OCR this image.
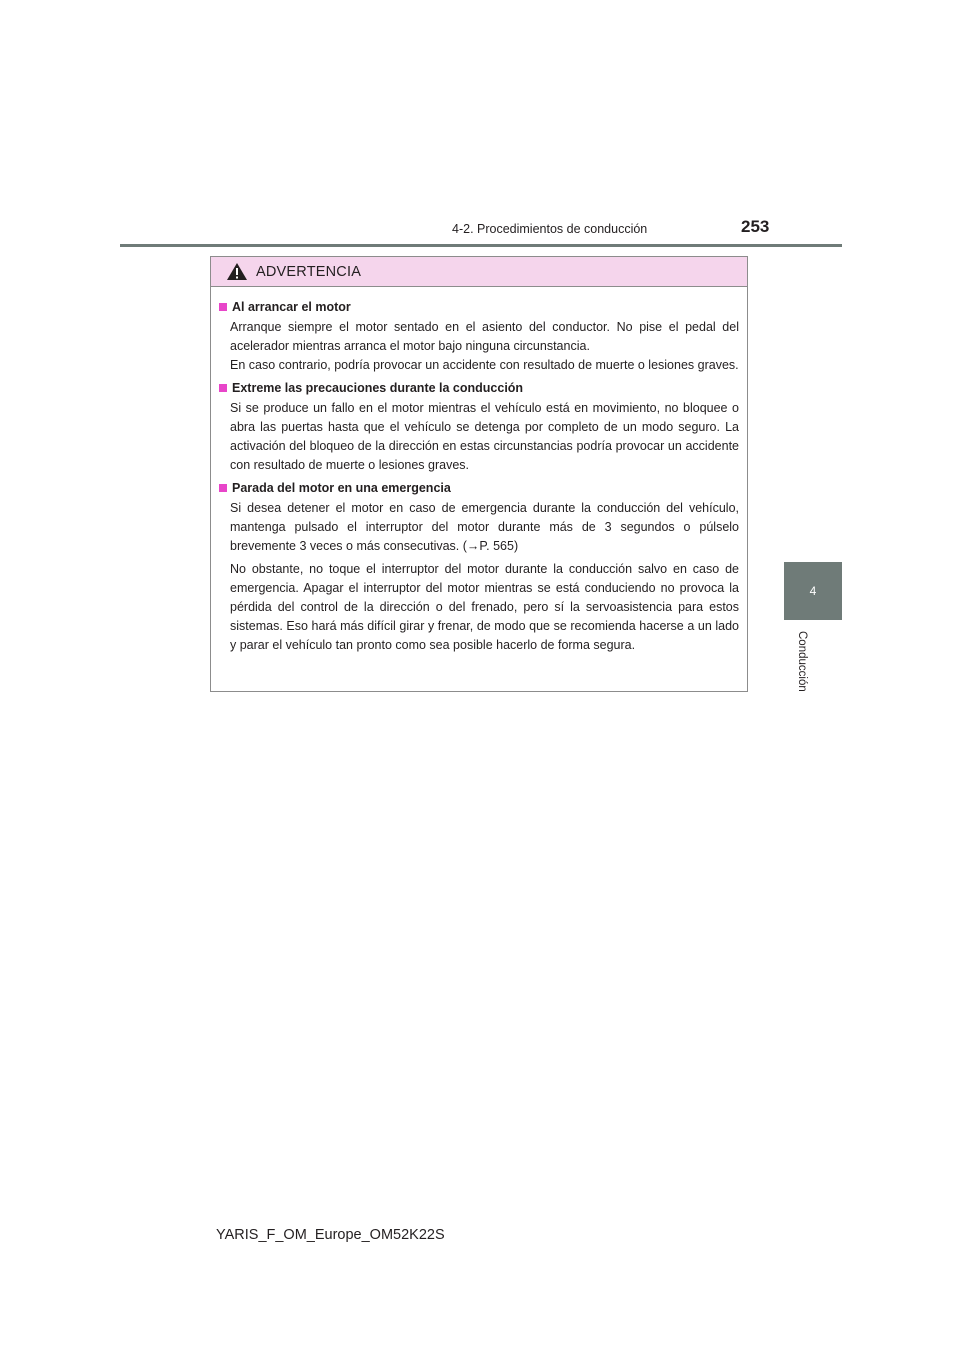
4-2. Procedimientos de conducción	253
4
Conducción
ADVERTENCIA
Al arrancar el motor
Arranque siempre el motor sentado en el asiento del conductor. No pise el pedal del acelerador mientras arranca el motor bajo ninguna circunstancia.
En caso contrario, podría provocar un accidente con resultado de muerte o lesiones graves.
Extreme las precauciones durante la conducción
Si se produce un fallo en el motor mientras el vehículo está en movimiento, no bloquee o abra las puertas hasta que el vehículo se detenga por completo de un modo seguro. La activación del bloqueo de la dirección en estas circunstancias podría provocar un accidente con resultado de muerte o lesiones graves.
Parada del motor en una emergencia
Si desea detener el motor en caso de emergencia durante la conducción del vehículo, mantenga pulsado el interruptor del motor durante más de 3 segundos o púlselo brevemente 3 veces o más consecutivas. (→P. 565)
No obstante, no toque el interruptor del motor durante la conducción salvo en caso de emergencia. Apagar el interruptor del motor mientras se está conduciendo no provoca la pérdida del control de la dirección o del frenado, pero sí la servoasistencia para estos sistemas. Eso hará más difícil girar y frenar, de modo que se recomienda hacerse a un lado y parar el vehículo tan pronto como sea posible hacerlo de forma segura.
YARIS_F_OM_Europe_OM52K22S
